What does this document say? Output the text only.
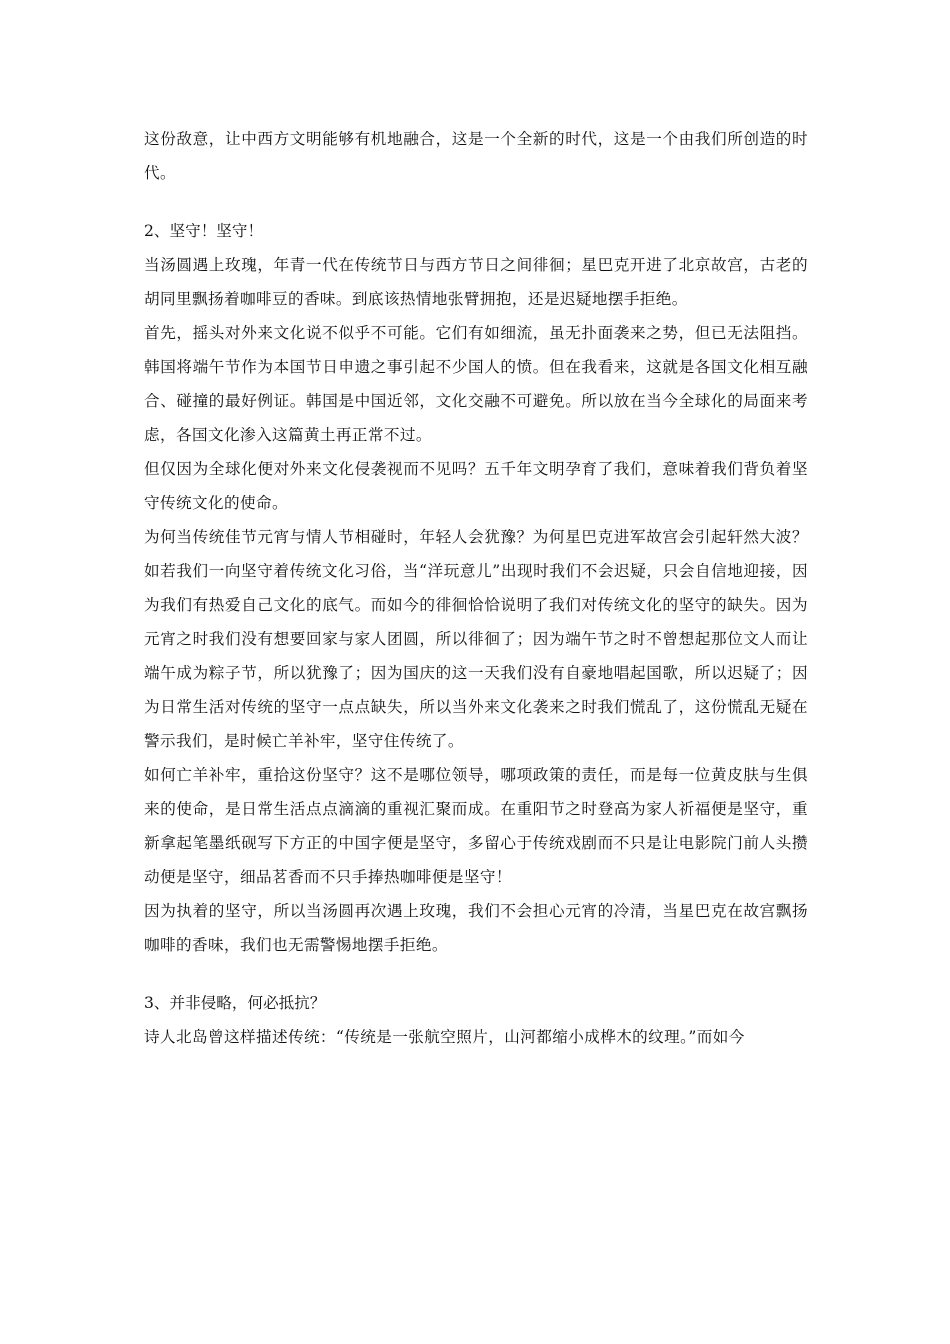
这份敌意，让中西方文明能够有机地融合，这是一个全新的时代，这是一个由我们所创造的时代。

2、坚守！坚守！

当汤圆遇上玫瑰，年青一代在传统节日与西方节日之间徘徊；星巴克开进了北京故宫，古老的胡同里飘扬着咖啡豆的香味。到底该热情地张臂拥抱，还是迟疑地摆手拒绝。

首先，摇头对外来文化说不似乎不可能。它们有如细流，虽无扑面袭来之势，但已无法阻挡。韩国将端午节作为本国节日申遗之事引起不少国人的愤。但在我看来，这就是各国文化相互融合、碰撞的最好例证。韩国是中国近邻，文化交融不可避免。所以放在当今全球化的局面来考虑，各国文化渗入这篇黄土再正常不过。

但仅因为全球化便对外来文化侵袭视而不见吗？五千年文明孕育了我们，意味着我们背负着坚守传统文化的使命。

为何当传统佳节元宵与情人节相碰时，年轻人会犹豫？为何星巴克进军故宫会引起轩然大波？如若我们一向坚守着传统文化习俗，当“洋玩意儿”出现时我们不会迟疑，只会自信地迎接，因为我们有热爱自己文化的底气。而如今的徘徊恰恰说明了我们对传统文化的坚守的缺失。因为元宵之时我们没有想要回家与家人团圆，所以徘徊了；因为端午节之时不曾想起那位文人而让端午成为粽子节，所以犹豫了；因为国庆的这一天我们没有自豪地唱起国歌，所以迟疑了；因为日常生活对传统的坚守一点点缺失，所以当外来文化袭来之时我们慌乱了，这份慌乱无疑在警示我们，是时候亡羊补牢，坚守住传统了。

如何亡羊补牢，重拾这份坚守？这不是哪位领导，哪项政策的责任，而是每一位黄皮肤与生俱来的使命，是日常生活点点滴滴的重视汇聚而成。在重阳节之时登高为家人祈福便是坚守，重新拿起笔墨纸砚写下方正的中国字便是坚守，多留心于传统戏剧而不只是让电影院门前人头攒动便是坚守，细品茗香而不只手捧热咖啡便是坚守！

因为执着的坚守，所以当汤圆再次遇上玫瑰，我们不会担心元宵的冷清，当星巴克在故宫飘扬咖啡的香味，我们也无需警惕地摆手拒绝。

3、并非侵略，何必抵抗？

诗人北岛曾这样描述传统：“传统是一张航空照片，山河都缩小成桦木的纹理。”而如今
